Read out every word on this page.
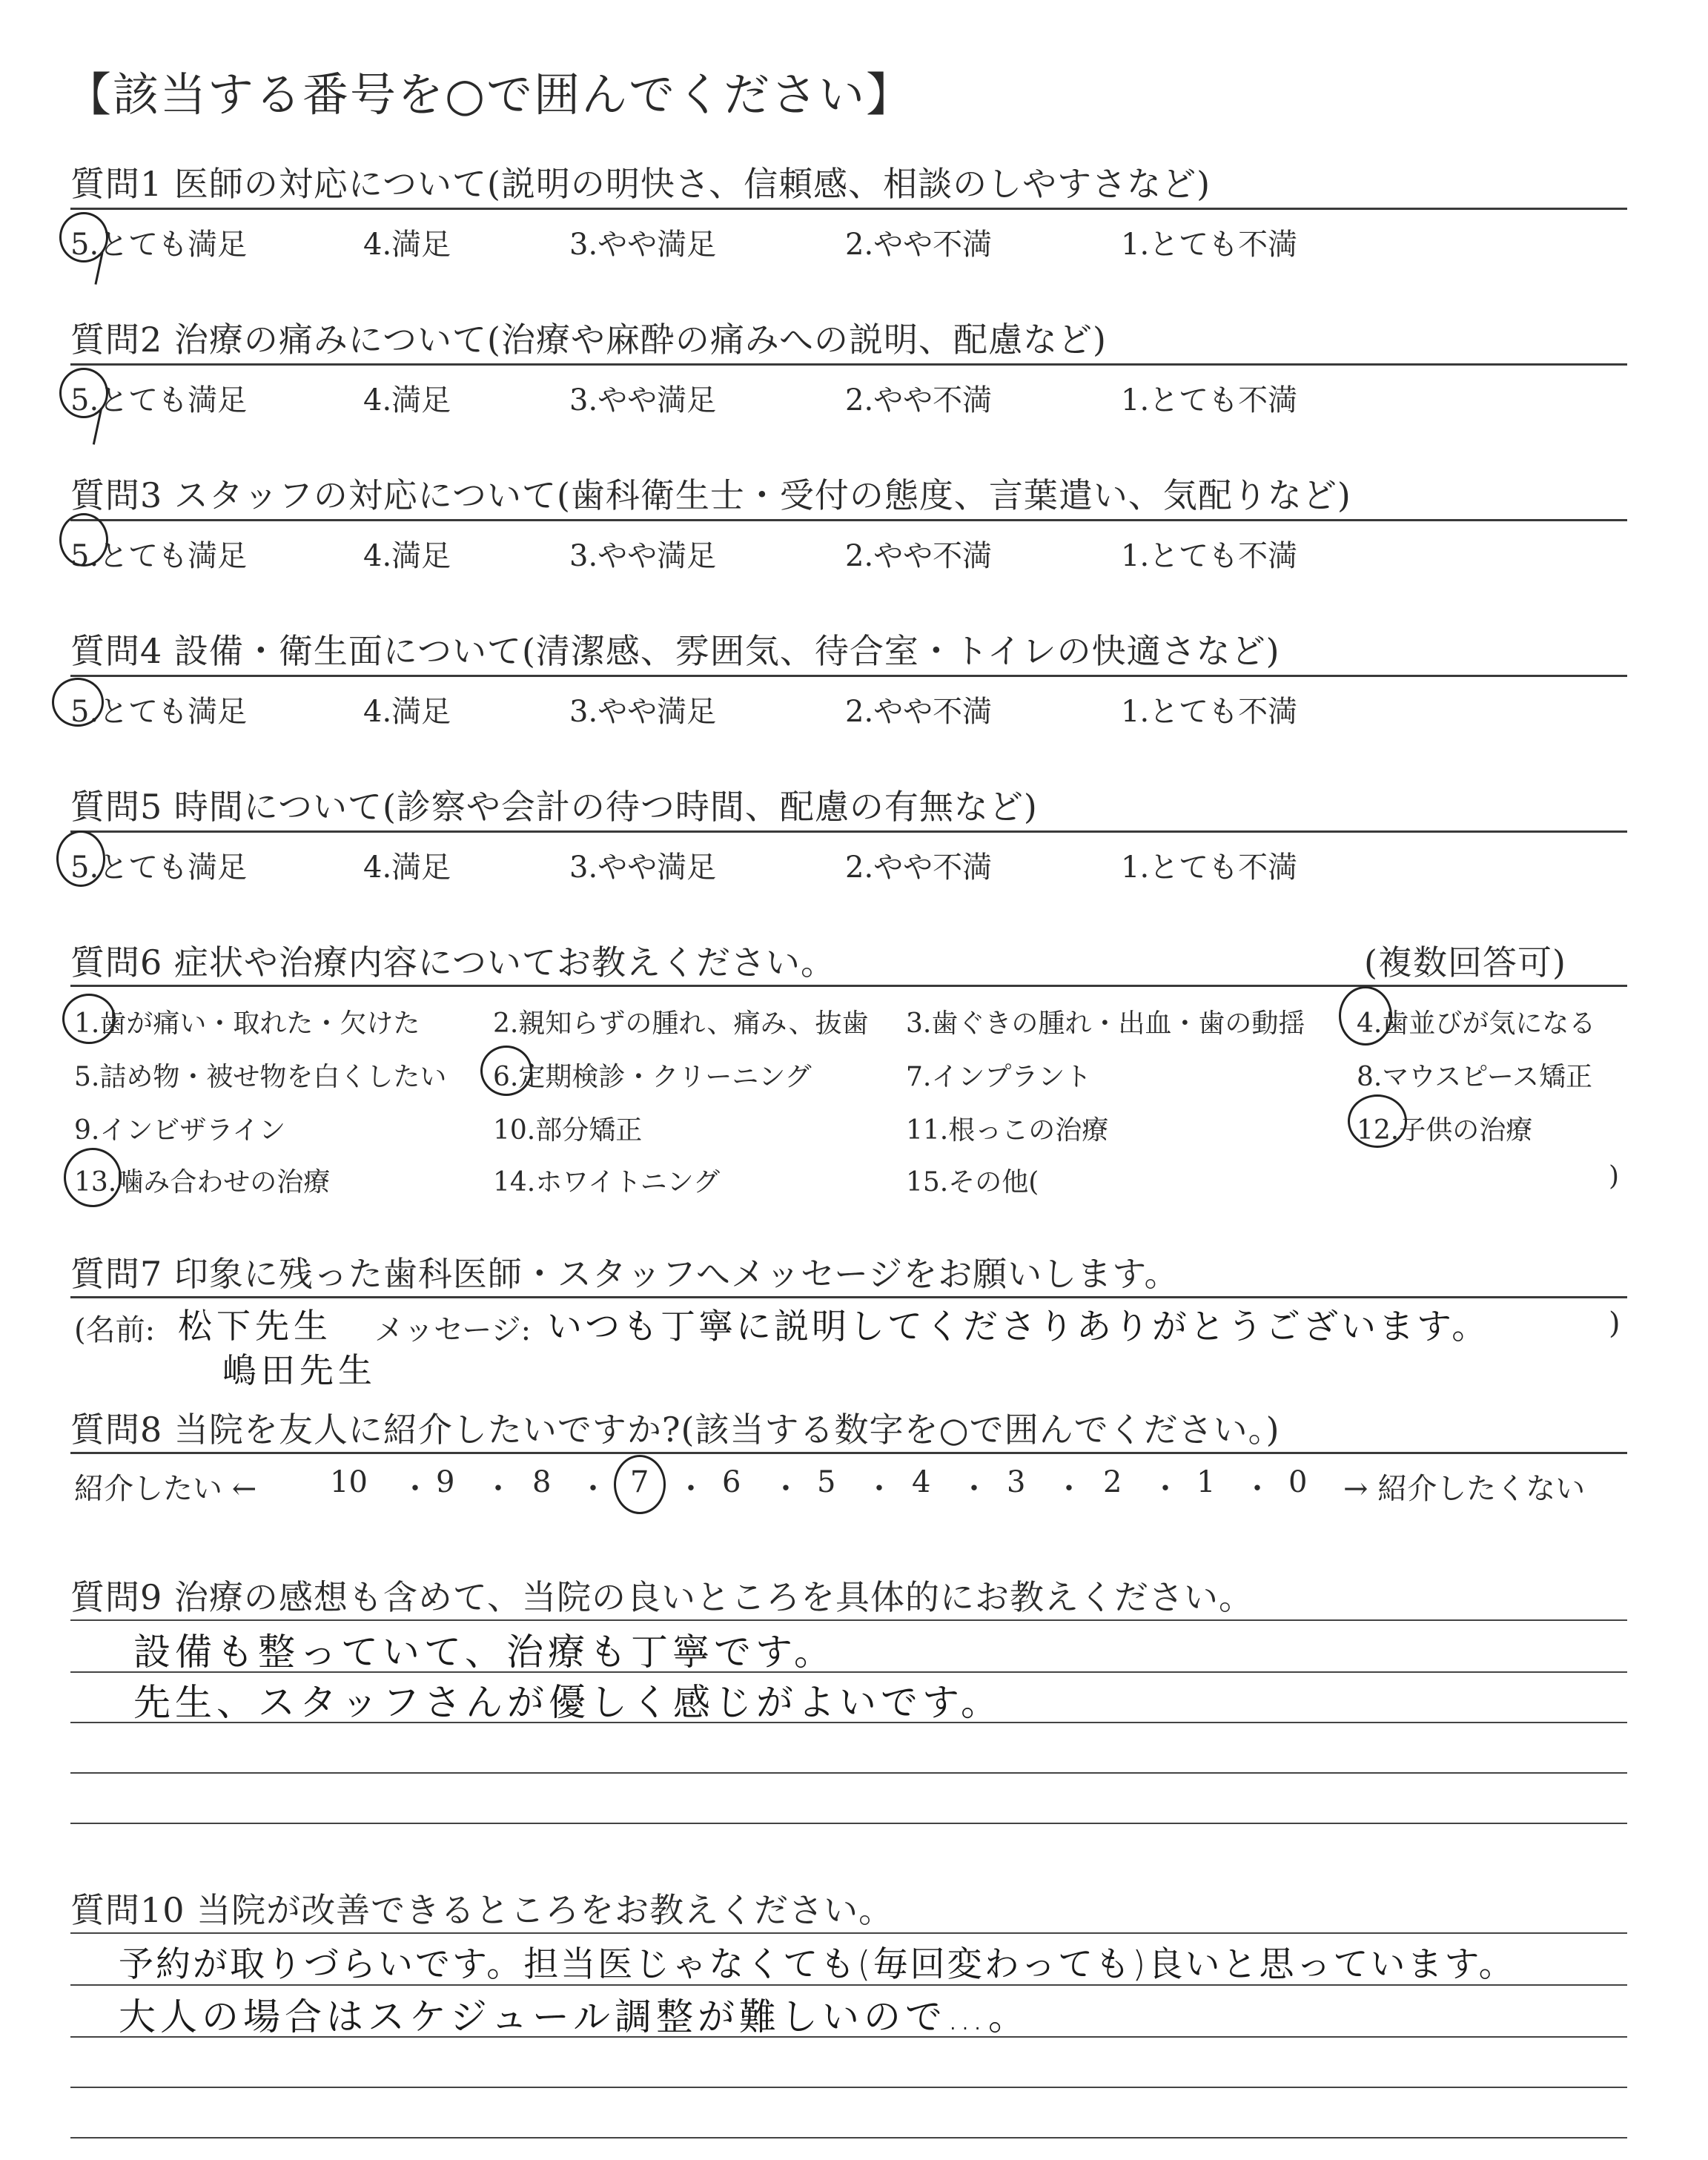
【該当する番号を○で囲んでください】
質問1 医師の対応について(説明の明快さ、信頼感、相談のしやすさなど)
5.とても満足	4.満足	3.やや満足	2.やや不満	1.とても不満
質問2 治療の痛みについて(治療や麻酔の痛みへの説明、配慮など)
5.とても満足	4.満足	3.やや満足	2.やや不満	1.とても不満
質問3 スタッフの対応について(歯科衛生士・受付の態度、言葉遣い、気配りなど)
5.とても満足	4.満足	3.やや満足	2.やや不満	1.とても不満
質問4 設備・衛生面について(清潔感、雰囲気、待合室・トイレの快適さなど)
5.とても満足	4.満足	3.やや満足	2.やや不満	1.とても不満
質問5 時間について(診察や会計の待つ時間、配慮の有無など)
5.とても満足	4.満足	3.やや満足	2.やや不満	1.とても不満
質問6 症状や治療内容についてお教えください。	(複数回答可)
1.歯が痛い・取れた・欠けた	2.親知らずの腫れ、痛み、抜歯 3.歯ぐきの腫れ・出血・歯の動揺 4.歯並びが気になる
5.詰め物・被せ物を白くしたい 6.定期検診・クリーニング	7.インプラント	8.マウスピース矯正
9.インビザライン	10.部分矯正	11.根っこの治療	12.子供の治療
13.噛み合わせの治療	14.ホワイトニング	15.その他(	)
質問7 印象に残った歯科医師・スタッフへメッセージをお願いします。
(名前: 松下先生
嶋田先生
メッセージ: いつも丁寧に説明してくださりありがとうございます。	)
質問8 当院を友人に紹介したいですか?(該当する数字を○で囲んでください。)
紹介したい ← 10 ・ 9 ・ 8 ・ 7 ・ 6 ・ 5 ・ 4 ・ 3 ・ 2 ・ 1 ・ 0 → 紹介したくない
質問9 治療の感想も含めて、当院の良いところを具体的にお教えください。
設備も整っていて、治療も丁寧です。
先生、スタッフさんが優しく感じがよいです。
質問10 当院が改善できるところをお教えください。
予約が取りづらいです。担当医じゃなくても(毎回変わっても)良いと思っています。
大人の場合はスケジュール調整が難しいので…。
